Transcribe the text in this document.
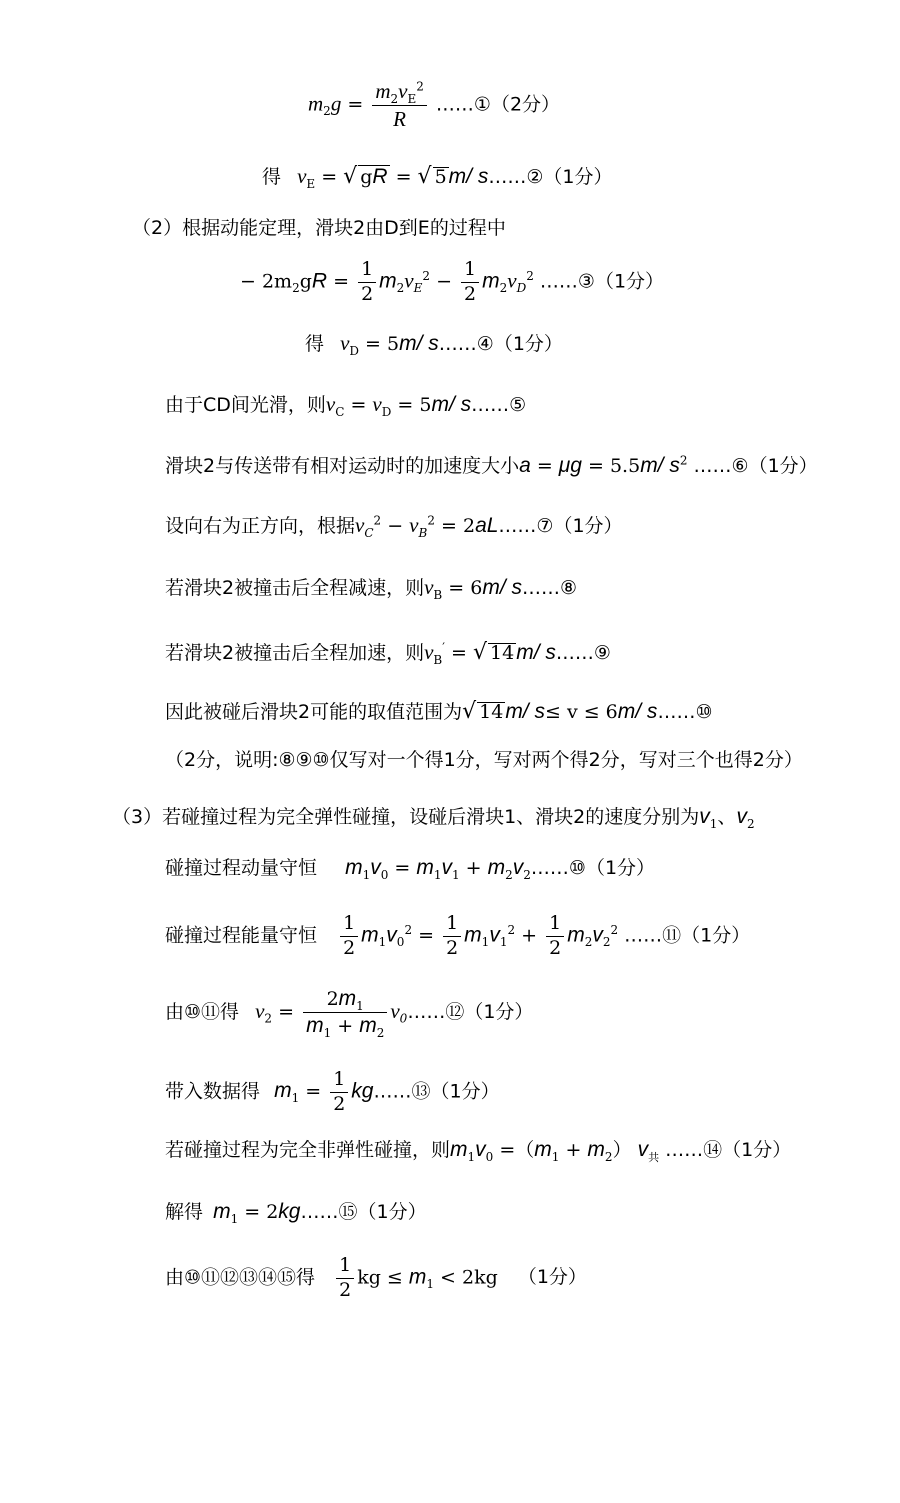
$m_2g = \frac{m_2v_E^2}{R}$ ……①（2分）
得 $v_E$ = √ gR = √ 5m/ s……②（1分）
（2）根据动能定理，滑块2由D到E的过程中
− $2m_2gR = \frac{1}{2} m_2v_E^2 - \frac{1}{2} m_2v_D^2$ ……③（1分）
得 $v_D = 5m/$ s……④（1分）
由于CD间光滑，则$v_C = v_D = 5m/$ s……⑤
滑块2与传送带有相对运动时的加速度大小a = μg = 5.5m/ $s^2$ ……⑥（1分）
设向右为正方向，根据$v_C^2 - v_B^2$ = 2aL……⑦（1分）
若滑块2被撞击后全程减速，则$v_B = 6m/$ s……⑧
若滑块2被撞击后全程加速，则$v_B'$ = √ 14m/ s……⑨
因此被碰后滑块2可能的取值范围为√ 14m/ s≤ v ≤ 6m/ s……⑩
（2分，说明:⑧⑨⑩仅写对一个得1分，写对两个得2分，写对三个也得2分）
（3）若碰撞过程为完全弹性碰撞，设碰后滑块1、滑块2的速度分别为$v_1$、$v_2$
碰撞过程动量守恒 $m_1v_0 = m_1v_1$ + $m_2v_2\dots\dots ⑩(1$分）
碰撞过程能量守恒 $\frac{1}{2} m_1v_0^2 = \frac{1}{2} m_1v_1^2 + \frac{1}{2} m_2v_2^2$ ……⑪（1分）
由⑩⑪得 $v_2 = \frac{2m_1}{m_1 + m_2}$ $v_0\dots\dots ⑫(1$分）
带入数据得 $m_1 = \frac{1}{2}$ kg……⑬（1分）
若碰撞过程为完全非弹性碰撞，则$m_1v_0 =(m_1 + m_2)$ $v_共$ ……⑭（1分）
解得 $m_1$ = 2kg……⑮（1分）
由⑩⑪⑫⑬⑭⑮得 $\frac{1}{2}$ kg ≤ $m_1 < 2kg$ （1分）
